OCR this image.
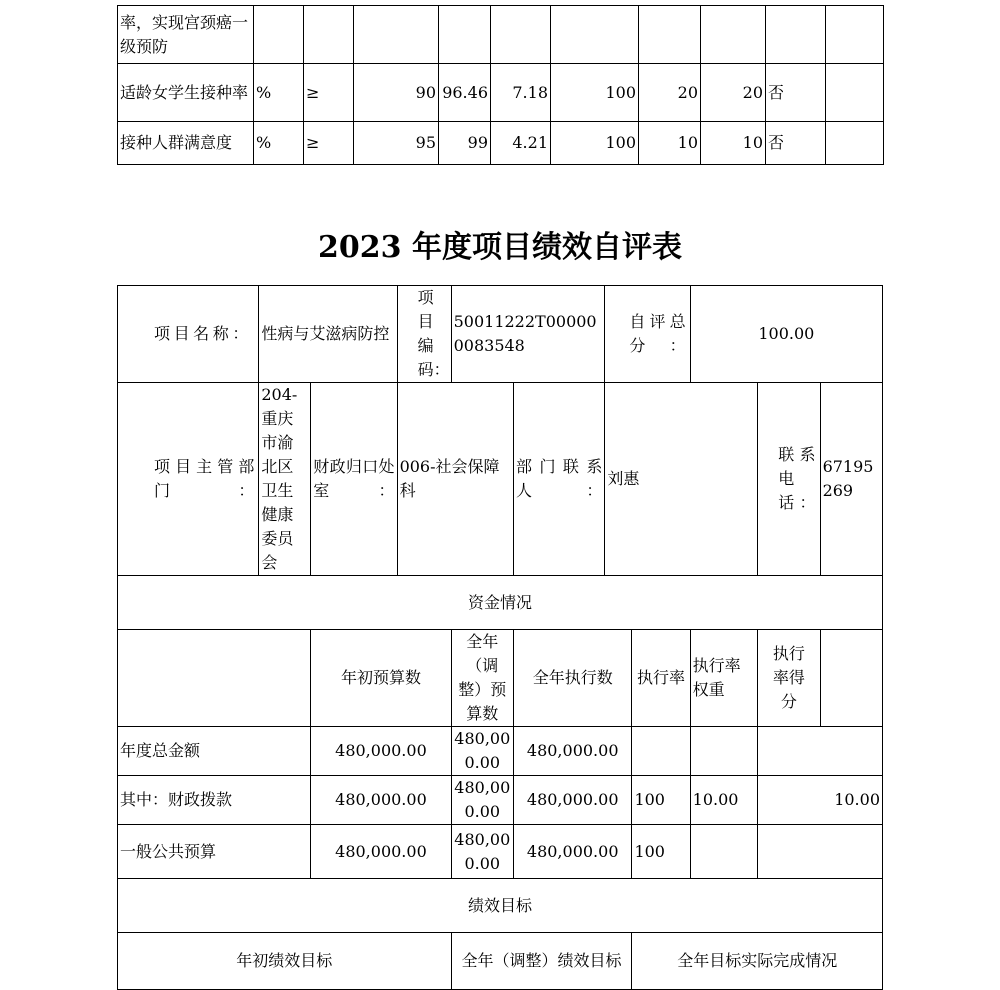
率，实现宫颈癌一级预防										
适龄女学生接种率	%	≥	90	96.46	7.18	100	20	20	否	
接种人群满意度	%	≥	95	99	4.21	100	10	10	否	
2023 年度项目绩效自评表
项目名称：	性病与艾滋病防控		项目编码：	50011222T000000083548		自评总分：		100.00		
项目主管部门：	204-重庆市渝北区卫生健康委员会	财政归口处室：	006-社会保障科		部门联系人：	刘惠			联系电话：	67195269
资金情况										
		年初预算数		全年（调整）预算数	全年执行数		执行率	执行率权重	执行率得分	
年度总金额		480,000.00		480,000.00	480,000.00					
其中：财政拨款		480,000.00		480,000.00	480,000.00		100	10.00	10.00	
一般公共预算		480,000.00		480,000.00	480,000.00		100			
绩效目标										
年初绩效目标				全年（调整）绩效目标			全年目标实际完成情况			
